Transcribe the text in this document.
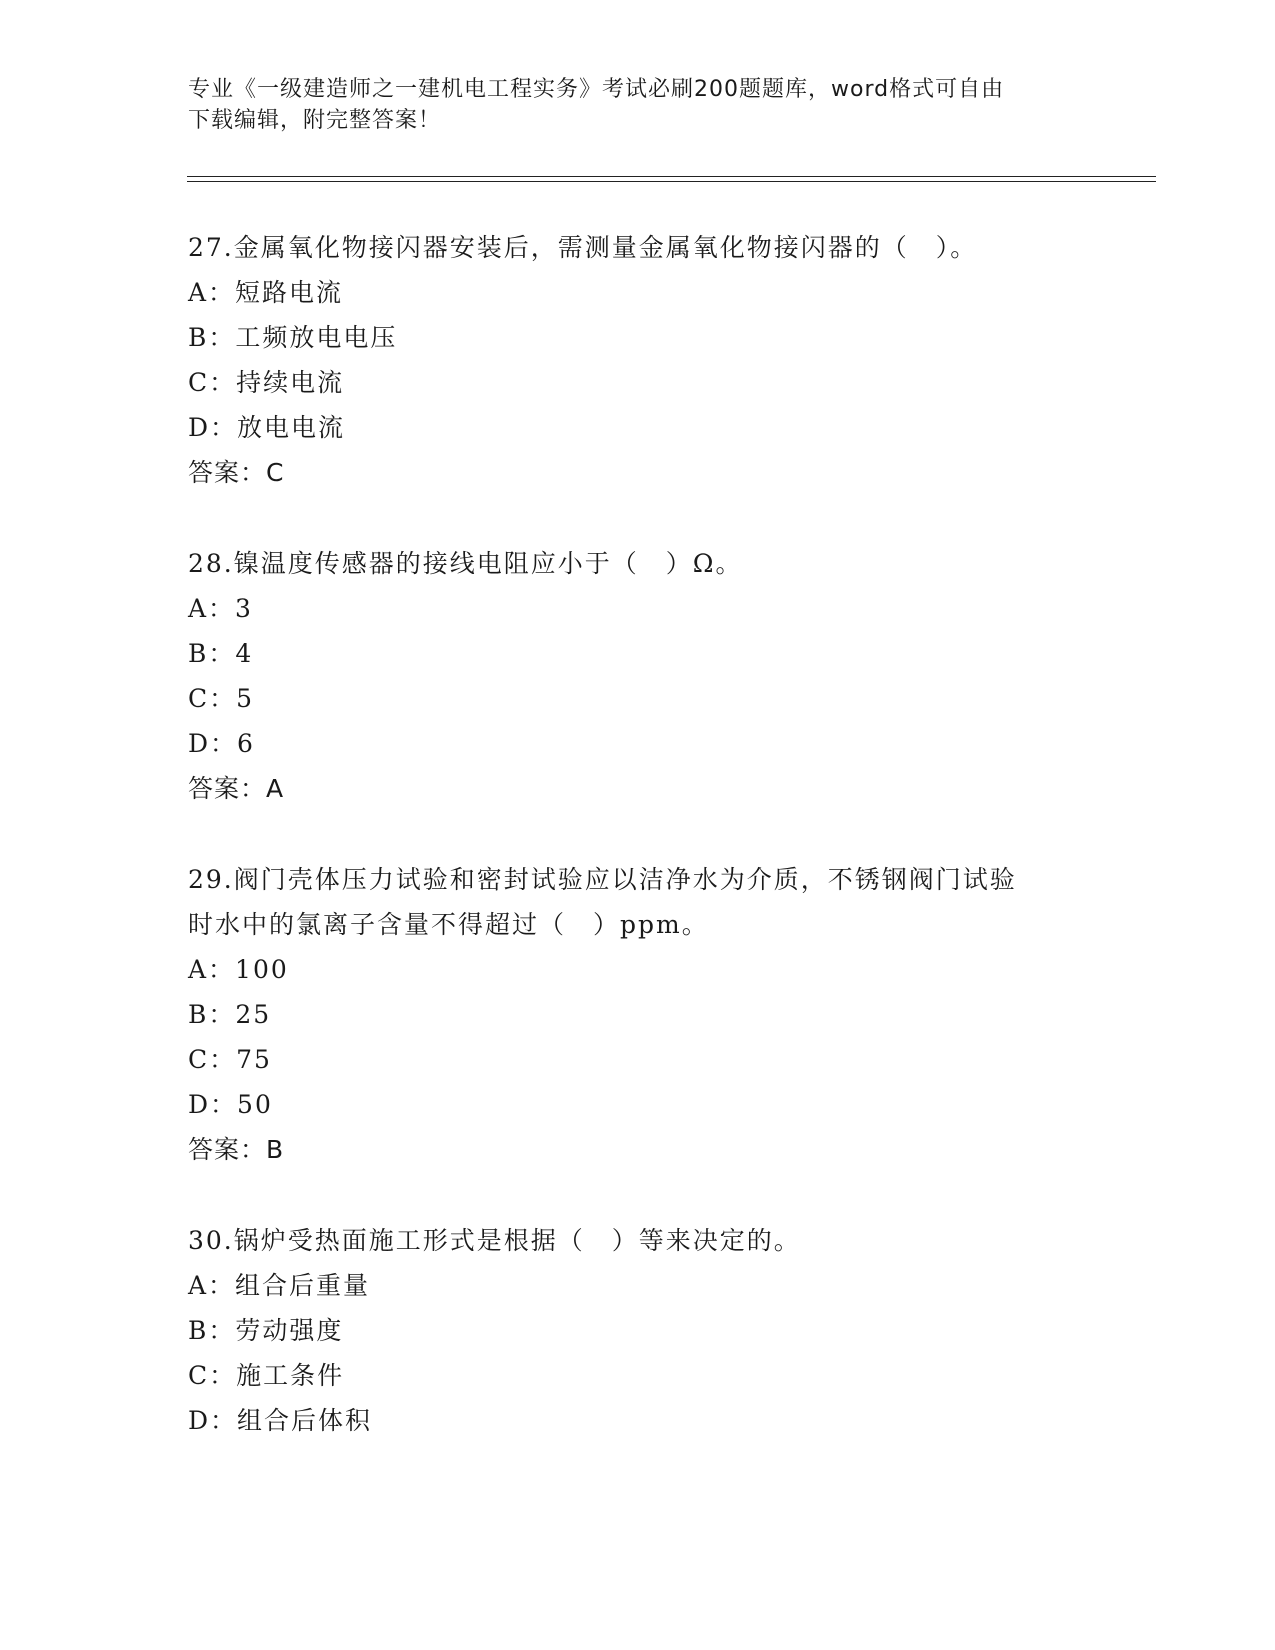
专业《一级建造师之一建机电工程实务》考试必刷200题题库，word格式可自由
下载编辑，附完整答案！

27.金属氧化物接闪器安装后，需测量金属氧化物接闪器的（　）。

A：短路电流

B：工频放电电压

C：持续电流

D：放电电流

答案：C

28.镍温度传感器的接线电阻应小于（　）Ω。

A：3

B：4

C：5

D：6

答案：A

29.阀门壳体压力试验和密封试验应以洁净水为介质，不锈钢阀门试验

时水中的氯离子含量不得超过（　）ppm。

A：100

B：25

C：75

D：50

答案：B

30.锅炉受热面施工形式是根据（　）等来决定的。

A：组合后重量

B：劳动强度

C：施工条件

D：组合后体积
